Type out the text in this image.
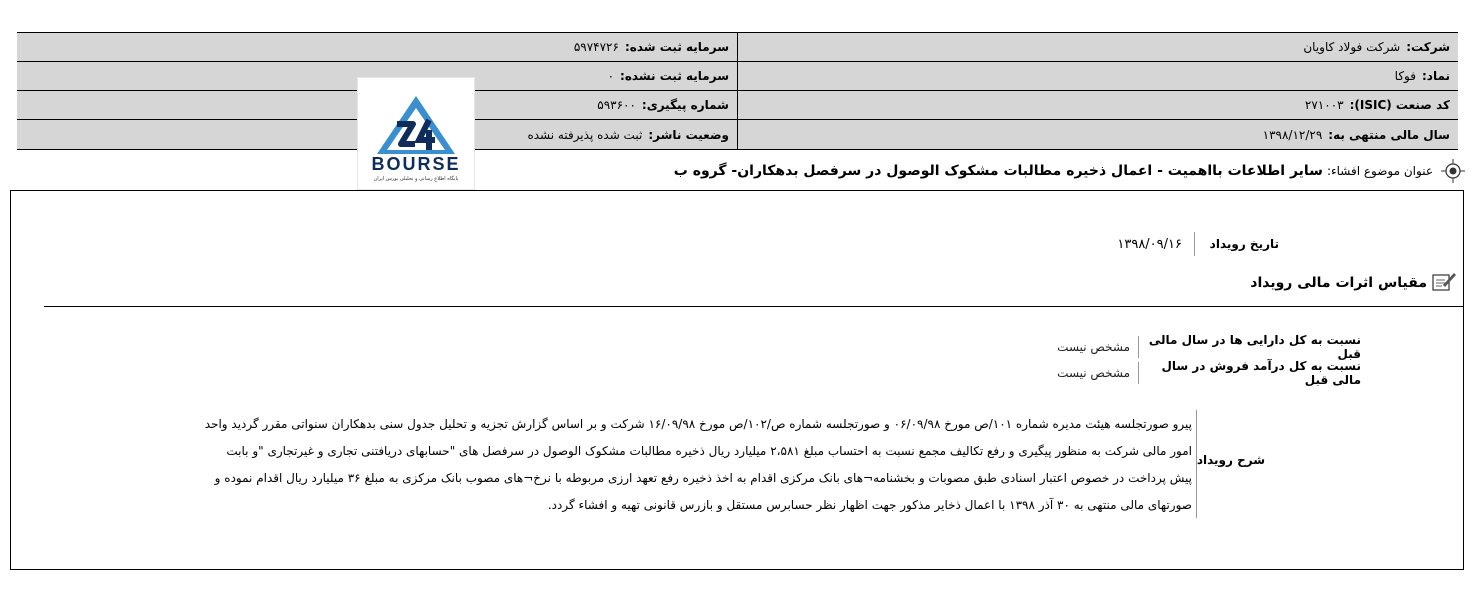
سرمایه ثبت شده:
۵۹۷۴۷۲۶	شرکت:
شرکت فولاد کاویان
سرمایه ثبت نشده:
۰	نماد:
فوکا
شماره پیگیری:
۵۹۳۶۰۰	کد صنعت (ISIC):
۲۷۱۰۰۳
وضعیت ناشر:
ثبت شده پذیرفته نشده	سال مالی منتهی به:
۱۳۹۸/۱۲/۲۹
BOURSE
پایگاه اطلاع رسانی و تحلیلی بورس ایران
عنوان موضوع افشاء:
سایر اطلاعات بااهمیت - اعمال ذخیره مطالبات مشکوک الوصول در سرفصل بدهکاران- گروه ب
تاریخ رویداد
۱۳۹۸/۰۹/۱۶
مقیاس اثرات مالی رویداد
نسبت به کل دارایی ها در سال مالی قبل
مشخص نیست
نسبت به کل درآمد فروش در سال مالی قبل
مشخص نیست
شرح رویداد
پیرو صورتجلسه هیئت مدیره شماره ۱۰۱/ص مورخ ۰۶/۰۹/۹۸ و صورتجلسه شماره ص/۱۰۲/ص مورخ ۱۶/۰۹/۹۸ شرکت و بر اساس گزارش تجزیه و تحلیل جدول سنی بدهکاران سنواتی مقرر گردید واحد
امور مالی شرکت به منظور پیگیری و رفع تکالیف مجمع نسبت به احتساب مبلغ ۲،۵۸۱ میلیارد ریال ذخیره مطالبات مشکوک الوصول در سرفصل های "حسابهای دریافتنی تجاری و غیرتجاری "و بابت
پیش پرداخت در خصوص اعتبار اسنادی طبق مصوبات و بخشنامه¬های بانک مرکزی اقدام به اخذ ذخیره رفع تعهد ارزی مربوطه با نرخ¬های مصوب بانک مرکزی به مبلغ ۳۶ میلیارد ریال اقدام نموده و
صورتهای مالی منتهی به ۳۰ آذر ۱۳۹۸ با اعمال ذخایر مذکور جهت اظهار نظر حسابرس مستقل و بازرس قانونی تهیه و افشاء گردد.
